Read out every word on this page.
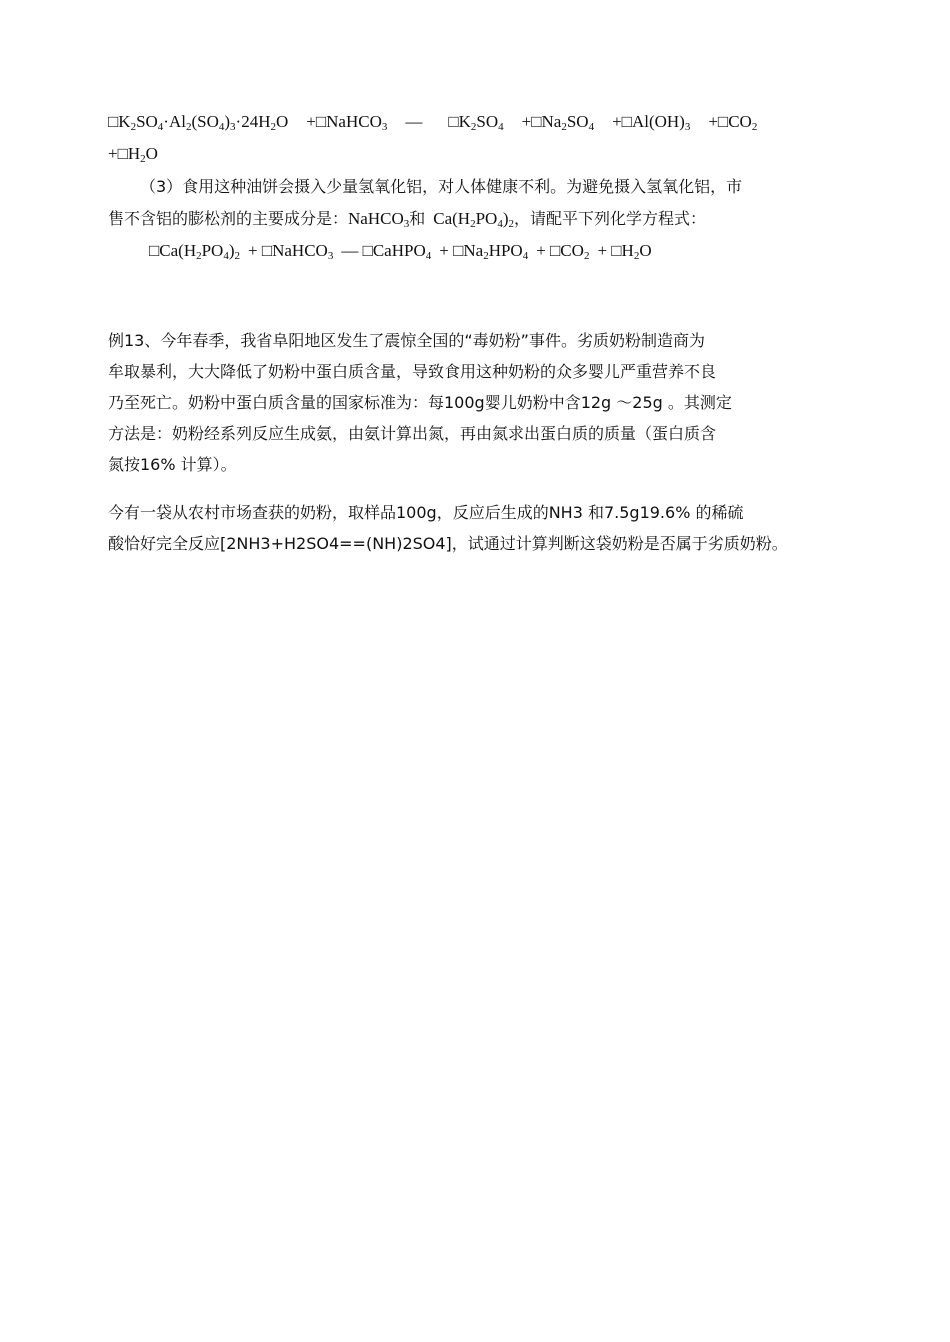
$□K_2SO_4\cdot Al_2(SO_4)_3\cdot 24H_2O$ +□NaHCO$_3$ — $□K_2SO_4$ $+□Na_2SO_4$ $+□Al(OH)_3$ $+□CO_2$
$+□H_2O$
（3）食用这种油饼会摄入少量氢氧化铝，对人体健康不利。为避免摄入氢氧化铝，市
售不含铝的膨松剂的主要成分是：NaHCO$_3$和 $Ca(H_2PO_4)_2$，请配平下列化学方程式：
$□Ca(H_2PO_4)_2$ + □NaHCO$_3$ — □CaHPO$_4$ + $□Na_2HPO_4$ + $□CO_2$ + $□H_2O$
例13、今年春季，我省阜阳地区发生了震惊全国的“毒奶粉”事件。劣质奶粉制造商为
牟取暴利，大大降低了奶粉中蛋白质含量，导致食用这种奶粉的众多婴儿严重营养不良
乃至死亡。奶粉中蛋白质含量的国家标准为：每100g婴儿奶粉中含12g ～25g 。其测定
方法是：奶粉经系列反应生成氨，由氨计算出氮，再由氮求出蛋白质的质量（蛋白质含
氮按16% 计算）。
今有一袋从农村市场查获的奶粉，取样品100g，反应后生成的NH3 和7.5g19.6% 的稀硫
酸恰好完全反应[2NH3+H2SO4==(NH)2SO4]，试通过计算判断这袋奶粉是否属于劣质奶粉。
